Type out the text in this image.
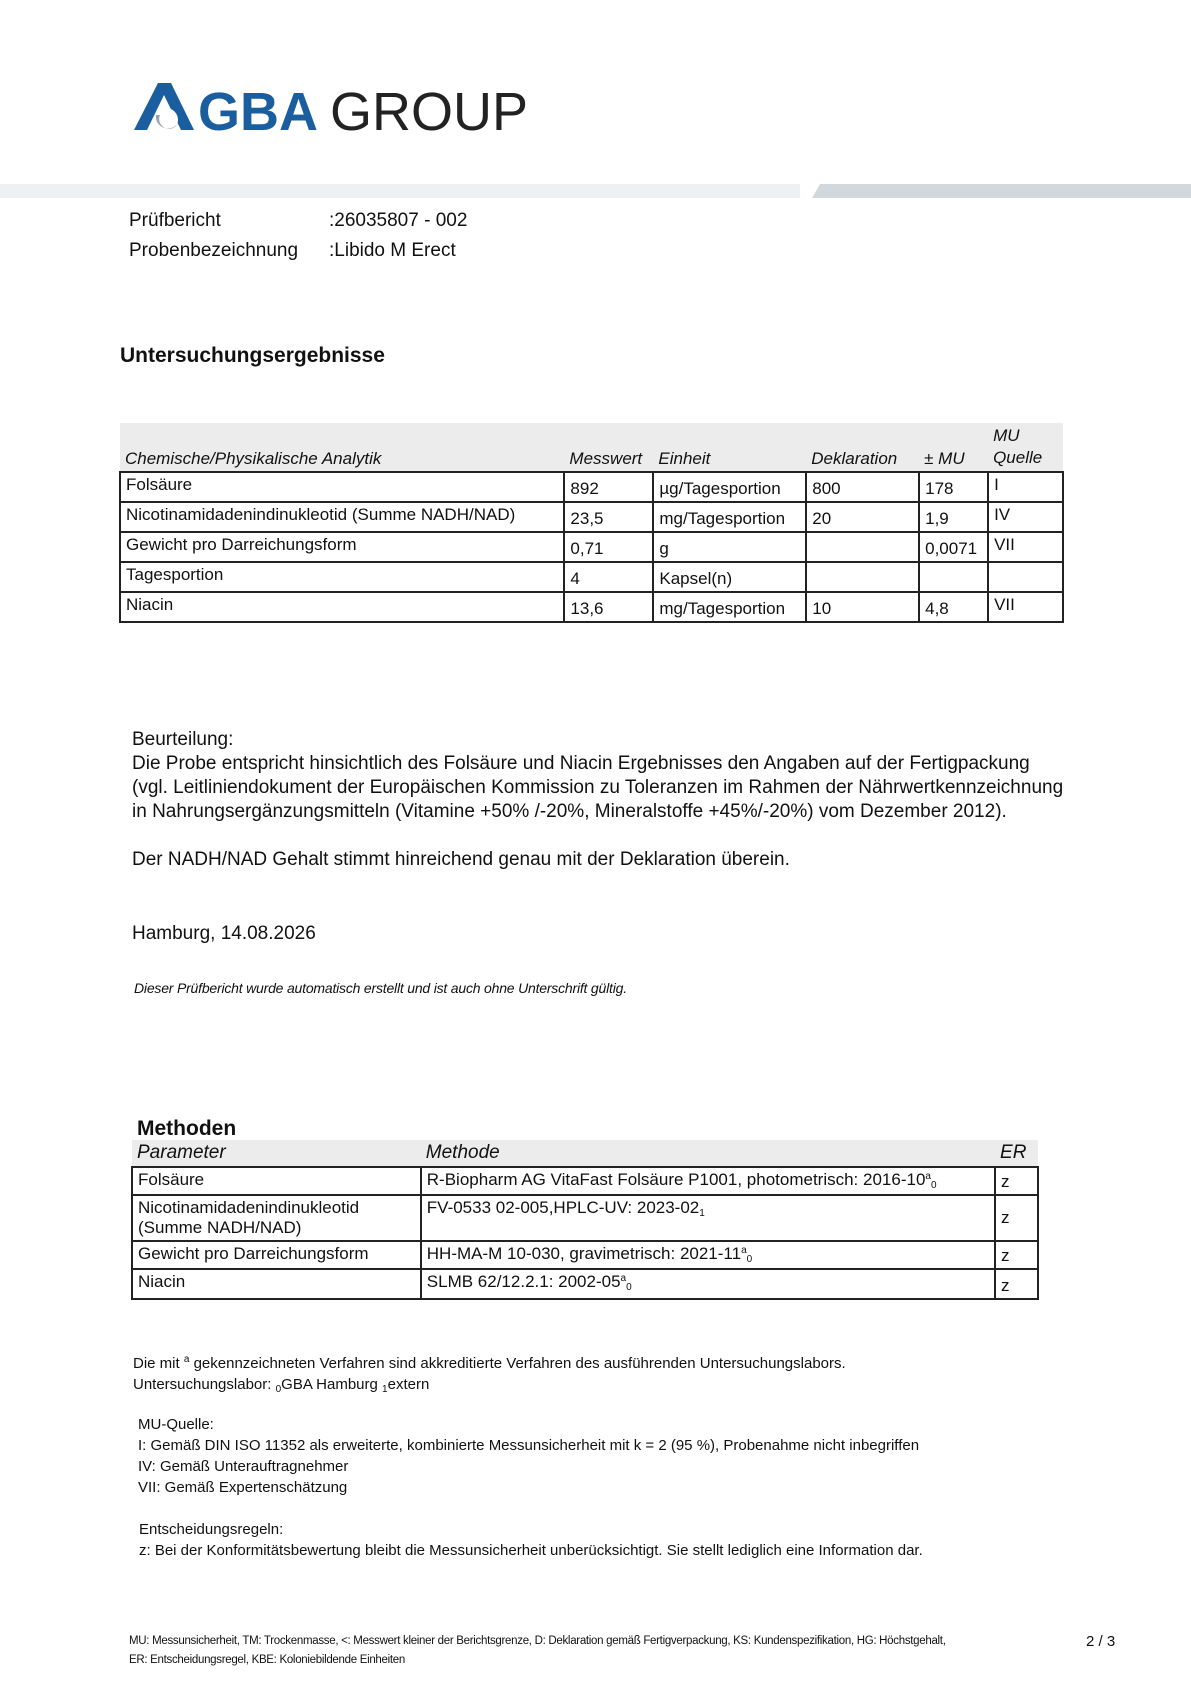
GBA GROUP
Prüfbericht	:26035807 - 002
Probenbezeichnung :Libido M Erect
Untersuchungsergebnisse
Chemische/Physikalische Analytik	Messwert	Einheit	Deklaration	± MU	MU Quelle
Folsäure	892	µg/Tagesportion	800	178	I
Nicotinamidadenindinukleotid (Summe NADH/NAD)	23,5	mg/Tagesportion	20	1,9	IV
Gewicht pro Darreichungsform	0,71	g		0,0071	VII
Tagesportion	4	Kapsel(n)			
Niacin	13,6	mg/Tagesportion	10	4,8	VII
Beurteilung:
Die Probe entspricht hinsichtlich des Folsäure und Niacin Ergebnisses den Angaben auf der Fertigpackung
(vgl. Leitliniendokument der Europäischen Kommission zu Toleranzen im Rahmen der Nährwertkennzeichnung
in Nahrungsergänzungsmitteln (Vitamine +50% /-20%, Mineralstoffe +45%/-20%) vom Dezember 2012).
Der NADH/NAD Gehalt stimmt hinreichend genau mit der Deklaration überein.
Hamburg, 14.08.2026
Dieser Prüfbericht wurde automatisch erstellt und ist auch ohne Unterschrift gültig.
Methoden
Parameter	Methode	ER
Folsäure	R-Biopharm AG VitaFast Folsäure P1001, photometrisch: 2016-10$^a$0	z
Nicotinamidadenindinukleotid (Summe NADH/NAD)	FV-0533 02-005,HPLC-UV: 2023-021	z
Gewicht pro Darreichungsform	HH-MA-M 10-030, gravimetrisch: 2021-11$^a$0	z
Niacin	SLMB 62/12.2.1: 2002-05$^a$0	z
Die mit $^a$ gekennzeichneten Verfahren sind akkreditierte Verfahren des ausführenden Untersuchungslabors.
Untersuchungslabor: $_0$GBA Hamburg $_1$extern
MU-Quelle:
I: Gemäß DIN ISO 11352 als erweiterte, kombinierte Messunsicherheit mit k = 2 (95 %), Probenahme nicht inbegriffen
IV: Gemäß Unterauftragnehmer
VII: Gemäß Expertenschätzung
Entscheidungsregeln:
z: Bei der Konformitätsbewertung bleibt die Messunsicherheit unberücksichtigt. Sie stellt lediglich eine Information dar.
MU: Messunsicherheit, TM: Trockenmasse, <: Messwert kleiner der Berichtsgrenze, D: Deklaration gemäß Fertigverpackung, KS: Kundenspezifikation, HG: Höchstgehalt,
ER: Entscheidungsregel, KBE: Koloniebildende Einheiten
2 / 3
